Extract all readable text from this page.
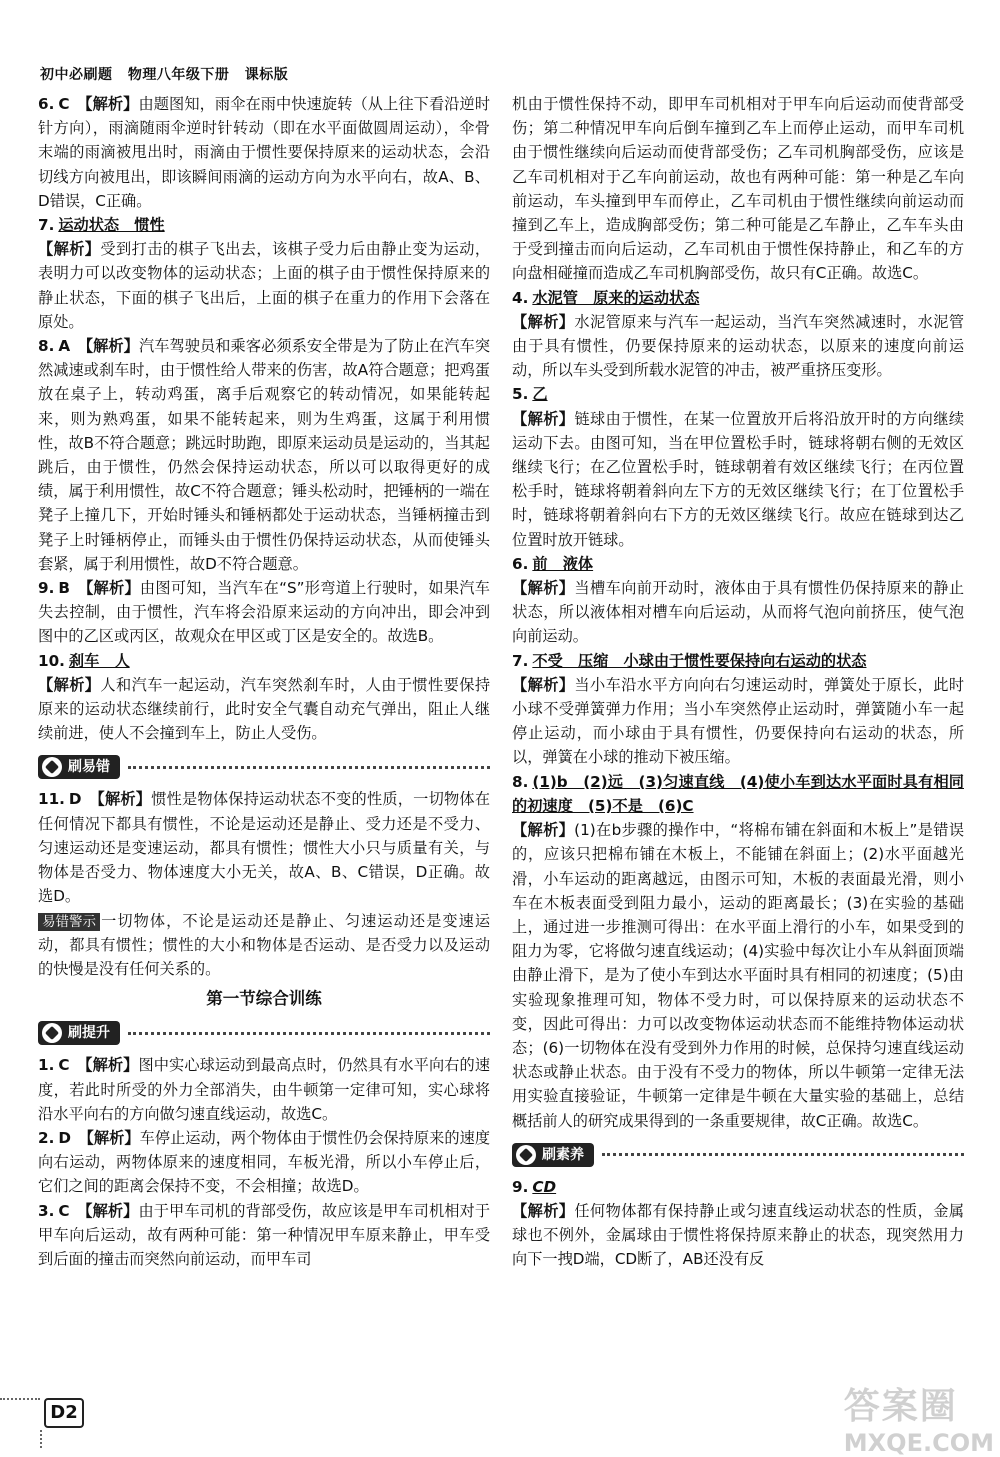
初中必刷题 物理八年级下册 课标版

6. C　 【解析】由题图知，雨伞在雨中快速旋转（从上往下看沿逆时针方向），雨滴随雨伞逆时针转动（即在水平面做圆周运动），伞骨末端的雨滴被甩出时，雨滴由于惯性要保持原来的运动状态，会沿切线方向被甩出，即该瞬间雨滴的运动方向为水平向右，故A、B、D错误，C正确。

7. 运动状态　惯性
【解析】受到打击的棋子飞出去，该棋子受力后由静止变为运动，表明力可以改变物体的运动状态；上面的棋子由于惯性保持原来的静止状态，下面的棋子飞出后，上面的棋子在重力的作用下会落在原处。

8. A　 【解析】汽车驾驶员和乘客必须系安全带是为了防止在汽车突然减速或刹车时，由于惯性给人带来的伤害，故A符合题意；把鸡蛋放在桌子上，转动鸡蛋，离手后观察它的转动情况，如果能转起来，则为熟鸡蛋，如果不能转起来，则为生鸡蛋，这属于利用惯性，故B不符合题意；跳远时助跑，即原来运动员是运动的，当其起跳后，由于惯性，仍然会保持运动状态，所以可以取得更好的成绩，属于利用惯性，故C不符合题意；锤头松动时，把锤柄的一端在凳子上撞几下，开始时锤头和锤柄都处于运动状态，当锤柄撞击到凳子上时锤柄停止，而锤头由于惯性仍保持运动状态，从而使锤头套紧，属于利用惯性，故D不符合题意。

9. B　 【解析】由图可知，当汽车在“S”形弯道上行驶时，如果汽车失去控制，由于惯性，汽车将会沿原来运动的方向冲出，即会冲到图中的乙区或丙区，故观众在甲区或丁区是安全的。故选B。

10. 刹车　人
【解析】人和汽车一起运动，汽车突然刹车时，人由于惯性要保持原来的运动状态继续前行，此时安全气囊自动充气弹出，阻止人继续前进，使人不会撞到车上，防止人受伤。

刷易错

11. D　 【解析】惯性是物体保持运动状态不变的性质，一切物体在任何情况下都具有惯性，不论是运动还是静止、受力还是不受力、匀速运动还是变速运动，都具有惯性；惯性大小只与质量有关，与物体是否受力、物体速度大小无关，故A、B、C错误，D正确。故选D。
易错警示 一切物体，不论是运动还是静止、匀速运动还是变速运动，都具有惯性；惯性的大小和物体是否运动、是否受力以及运动的快慢是没有任何关系的。

第一节综合训练
刷提升

1. C　 【解析】图中实心球运动到最高点时，仍然具有水平向右的速度，若此时所受的外力全部消失，由牛顿第一定律可知，实心球将沿水平向右的方向做匀速直线运动，故选C。

2. D　 【解析】车停止运动，两个物体由于惯性仍会保持原来的速度向右运动，两物体原来的速度相同，车板光滑，所以小车停止后，它们之间的距离会保持不变，不会相撞；故选D。

3. C　 【解析】由于甲车司机的背部受伤，故应该是甲车司机相对于甲车向后运动，故有两种可能：第一种情况甲车原来静止，甲车受到后面的撞击而突然向前运动，而甲车司

机由于惯性保持不动，即甲车司机相对于甲车向后运动而使背部受伤；第二种情况甲车向后倒车撞到乙车上而停止运动，而甲车司机由于惯性继续向后运动而使背部受伤；乙车司机胸部受伤，应该是乙车司机相对于乙车向前运动，故也有两种可能：第一种是乙车向前运动，车头撞到甲车而停止，乙车司机由于惯性继续向前运动而撞到乙车上，造成胸部受伤；第二种可能是乙车静止，乙车车头由于受到撞击而向后运动，乙车司机由于惯性保持静止，和乙车的方向盘相碰撞而造成乙车司机胸部受伤，故只有C正确。故选C。

4. 水泥管　原来的运动状态
【解析】水泥管原来与汽车一起运动，当汽车突然减速时，水泥管由于具有惯性，仍要保持原来的运动状态，以原来的速度向前运动，所以车头受到所载水泥管的冲击，被严重挤压变形。

5. 乙
【解析】链球由于惯性，在某一位置放开后将沿放开时的方向继续运动下去。由图可知，当在甲位置松手时，链球将朝右侧的无效区继续飞行；在乙位置松手时，链球朝着有效区继续飞行；在丙位置松手时，链球将朝着斜向左下方的无效区继续飞行；在丁位置松手时，链球将朝着斜向右下方的无效区继续飞行。故应在链球到达乙位置时放开链球。

6. 前　液体
【解析】当槽车向前开动时，液体由于具有惯性仍保持原来的静止状态，所以液体相对槽车向后运动，从而将气泡向前挤压，使气泡向前运动。

7. 不受　压缩　小球由于惯性要保持向右运动的状态
【解析】当小车沿水平方向向右匀速运动时，弹簧处于原长，此时小球不受弹簧弹力作用；当小车突然停止运动时，弹簧随小车一起停止运动，而小球由于具有惯性，仍要保持向右运动的状态，所以，弹簧在小球的推动下被压缩。

8. (1)b　(2)远　(3)匀速直线　(4)使小车到达水平面时具有相同的初速度　(5)不是　(6)C
【解析】(1)在b步骤的操作中，“将棉布铺在斜面和木板上”是错误的，应该只把棉布铺在木板上，不能铺在斜面上；(2)水平面越光滑，小车运动的距离越远，由图示可知，木板的表面最光滑，则小车在木板表面受到阻力最小，运动的距离最长；(3)在实验的基础上，通过进一步推测可得出：在水平面上滑行的小车，如果受到的阻力为零，它将做匀速直线运动；(4)实验中每次让小车从斜面顶端由静止滑下，是为了使小车到达水平面时具有相同的初速度；(5)由实验现象推理可知，物体不受力时，可以保持原来的运动状态不变，因此可得出：力可以改变物体运动状态而不能维持物体运动状态；(6)一切物体在没有受到外力作用的时候，总保持匀速直线运动状态或静止状态。由于没有不受力的物体，所以牛顿第一定律无法用实验直接验证，牛顿第一定律是牛顿在大量实验的基础上，总结概括前人的研究成果得到的一条重要规律，故C正确。故选C。

刷素养

9. CD
【解析】任何物体都有保持静止或匀速直线运动状态的性质，金属球也不例外，金属球由于惯性将保持原来静止的状态，现突然用力向下一拽D端，CD断了，AB还没有反

D2	答案圈
MXQE.COM
